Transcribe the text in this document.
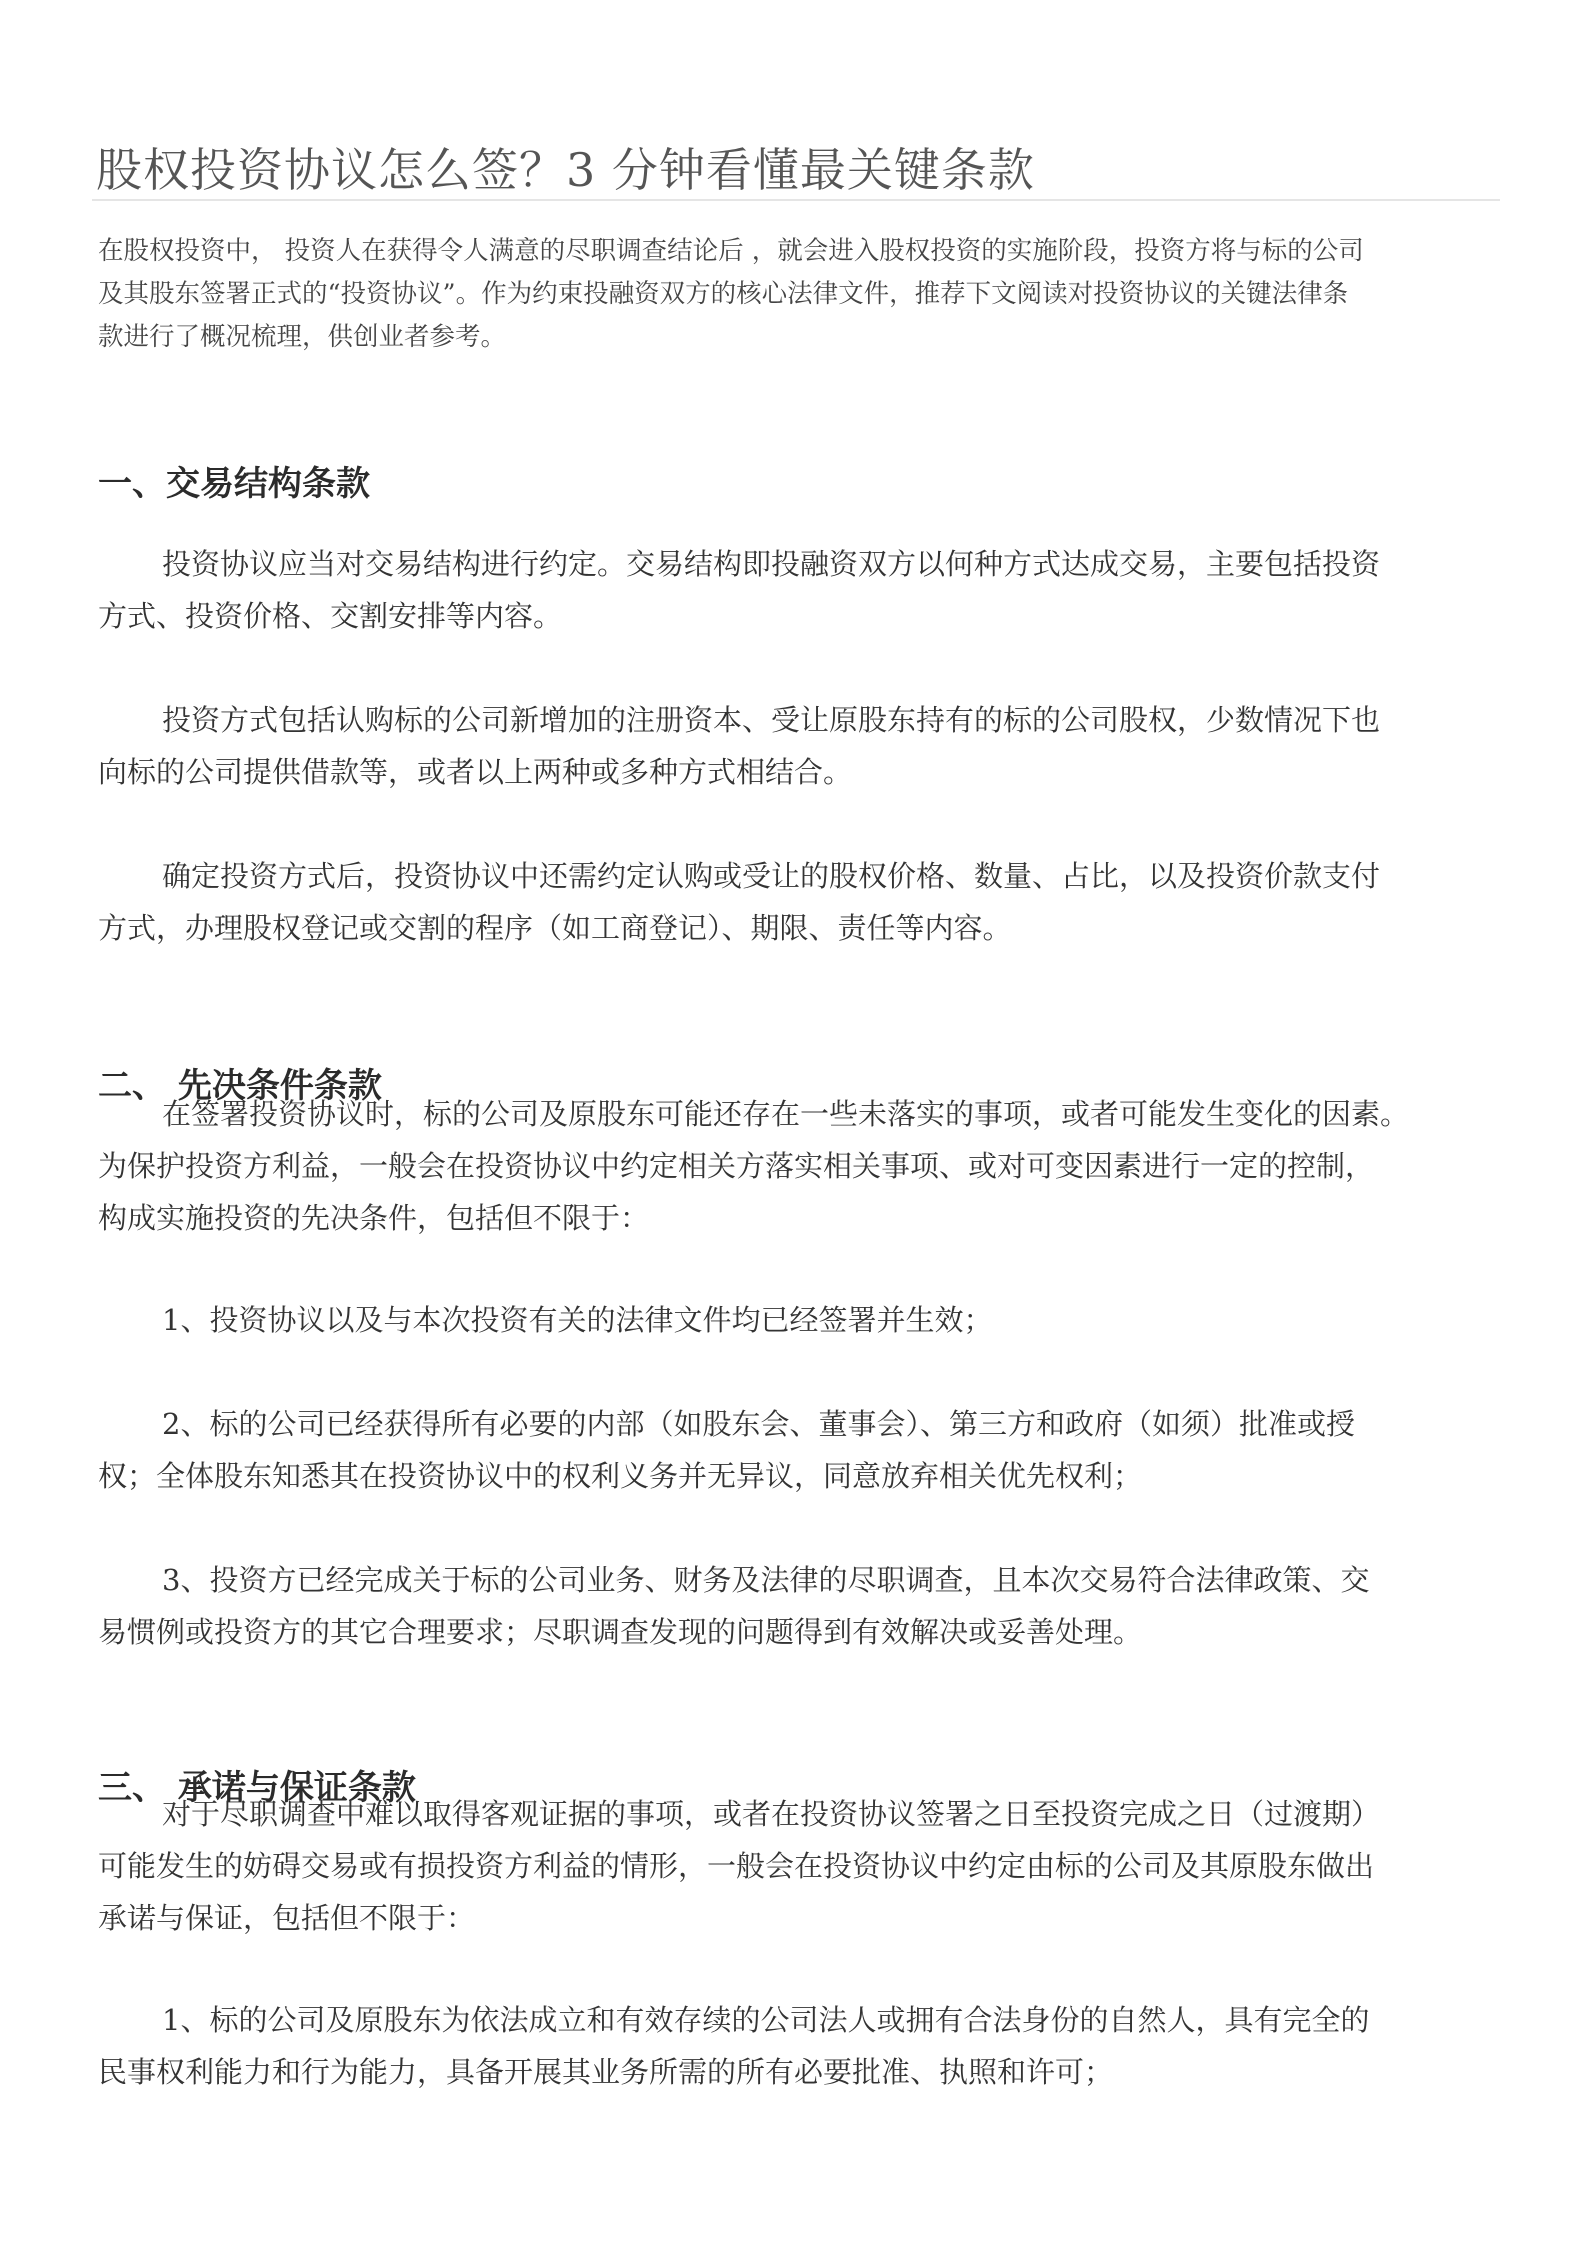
股权投资协议怎么签？3 分钟看懂最关键条款
在股权投资中， 投资人在获得令人满意的尽职调查结论后 ，就会进入股权投资的实施阶段，投资方将与标的公司
及其股东签署正式的“投资协议”。作为约束投融资双方的核心法律文件，推荐下文阅读对投资协议的关键法律条
款进行了概况梳理，供创业者参考。
一、交易结构条款
投资协议应当对交易结构进行约定。交易结构即投融资双方以何种方式达成交易，主要包括投资
方式、投资价格、交割安排等内容。
投资方式包括认购标的公司新增加的注册资本、受让原股东持有的标的公司股权，少数情况下也
向标的公司提供借款等，或者以上两种或多种方式相结合。
确定投资方式后，投资协议中还需约定认购或受让的股权价格、数量、占比，以及投资价款支付
方式，办理股权登记或交割的程序（如工商登记）、期限、责任等内容。
二、 先决条件条款
在签署投资协议时，标的公司及原股东可能还存在一些未落实的事项，或者可能发生变化的因素。
为保护投资方利益，一般会在投资协议中约定相关方落实相关事项、或对可变因素进行一定的控制，
构成实施投资的先决条件，包括但不限于：
1、投资协议以及与本次投资有关的法律文件均已经签署并生效；
2、标的公司已经获得所有必要的内部（如股东会、董事会）、第三方和政府（如须）批准或授
权；全体股东知悉其在投资协议中的权利义务并无异议，同意放弃相关优先权利；
3、投资方已经完成关于标的公司业务、财务及法律的尽职调查，且本次交易符合法律政策、交
易惯例或投资方的其它合理要求；尽职调查发现的问题得到有效解决或妥善处理。
三、 承诺与保证条款
对于尽职调查中难以取得客观证据的事项，或者在投资协议签署之日至投资完成之日（过渡期）
可能发生的妨碍交易或有损投资方利益的情形，一般会在投资协议中约定由标的公司及其原股东做出
承诺与保证，包括但不限于：
1、标的公司及原股东为依法成立和有效存续的公司法人或拥有合法身份的自然人，具有完全的
民事权利能力和行为能力，具备开展其业务所需的所有必要批准、执照和许可；
